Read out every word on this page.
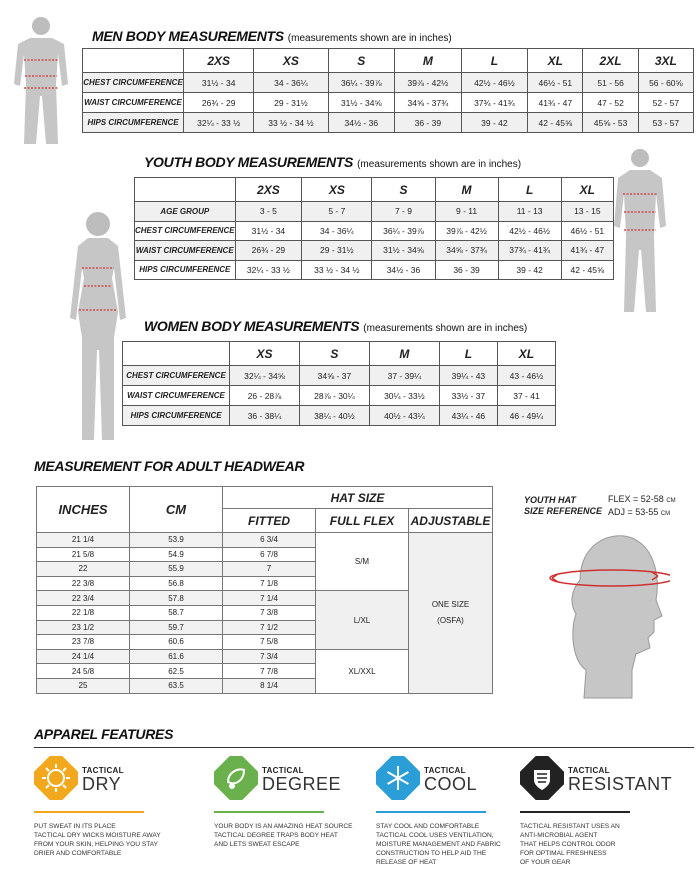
MEN BODY MEASUREMENTS (measurements shown are in inches)
	2XS	XS	S	M	L	XL	2XL	3XL
CHEST CIRCUMFERENCE	31½ - 34	34 - 36¼	36¼ - 39⅞	39⅞ - 42½	42½ - 46½	46½ - 51	51 - 56	56 - 60⅝
WAIST CIRCUMFERENCE	26¾ - 29	29 - 31½	31½ - 34⅝	34⅝ - 37¾	37¾ - 41¾	41¾ - 47	47 - 52	52 - 57
HIPS CIRCUMFERENCE	32¼ - 33 ½	33 ½ - 34 ½	34½ - 36	36 - 39	39 - 42	42 - 45⅝	45⅝ - 53	53 - 57
YOUTH BODY MEASUREMENTS (measurements shown are in inches)
	2XS	XS	S	M	L	XL
AGE GROUP	3 - 5	5 - 7	7 - 9	9 - 11	11 - 13	13 - 15
CHEST CIRCUMFERENCE	31½ - 34	34 - 36¼	36¼ - 39⅞	39⅞ - 42½	42½ - 46½	46½ - 51
WAIST CIRCUMFERENCE	26¾ - 29	29 - 31½	31½ - 34⅝	34⅝ - 37¾	37¾ - 41¾	41¾ - 47
HIPS CIRCUMFERENCE	32¼ - 33 ½	33 ½ - 34 ½	34½ - 36	36 - 39	39 - 42	42 - 45⅝
WOMEN BODY MEASUREMENTS (measurements shown are in inches)
	XS	S	M	L	XL
CHEST CIRCUMFERENCE	32¼ - 34⅝	34⅝ - 37	37 - 39¼	39¼ - 43	43 - 46½
WAIST CIRCUMFERENCE	26 - 28⅞	28⅞ - 30¼	30¼ - 33½	33½ - 37	37 - 41
HIPS CIRCUMFERENCE	36 - 38¼	38¼ - 40½	40½ - 43¼	43¼ - 46	46 - 49¼
MEASUREMENT FOR ADULT HEADWEAR
INCHES	CM	HAT SIZE		
		FITTED	FULL FLEX	ADJUSTABLE
21 1/4	53.9	6 3/4	S/M	ONE SIZE
(OSFA)

21 5/8	54.9	6 7/8		
22	55.9	7		
22 3/8	56.8	7 1/8		
22 3/4	57.8	7 1/4	L/XL	
22 1/8	58.7	7 3/8		
23 1/2	59.7	7 1/2		
23 7/8	60.6	7 5/8		
24 1/4	61.6	7 3/4	XL/XXL	
24 5/8	62.5	7 7/8		
25	63.5	8 1/4		
YOUTH HAT
SIZE REFERENCE
FLEX = 52-58 CM
ADJ = 53-55 CM
APPAREL FEATURES
TACTICAL
DRY
PUT SWEAT IN ITS PLACE
TACTICAL DRY WICKS MOISTURE AWAY
FROM YOUR SKIN, HELPING YOU STAY
DRIER AND COMFORTABLE
TACTICAL
DEGREE
YOUR BODY IS AN AMAZING HEAT SOURCE
TACTICAL DEGREE TRAPS BODY HEAT
AND LETS SWEAT ESCAPE
TACTICAL
COOL
STAY COOL AND COMFORTABLE
TACTICAL COOL USES VENTILATION,
MOISTURE MANAGEMENT AND FABRIC
CONSTRUCTION TO HELP AID THE
RELEASE OF HEAT
TACTICAL
RESISTANT
TACTICAL RESISTANT USES AN
ANTI-MICROBIAL AGENT
THAT HELPS CONTROL ODOR
FOR OPTIMAL FRESHNESS
OF YOUR GEAR
